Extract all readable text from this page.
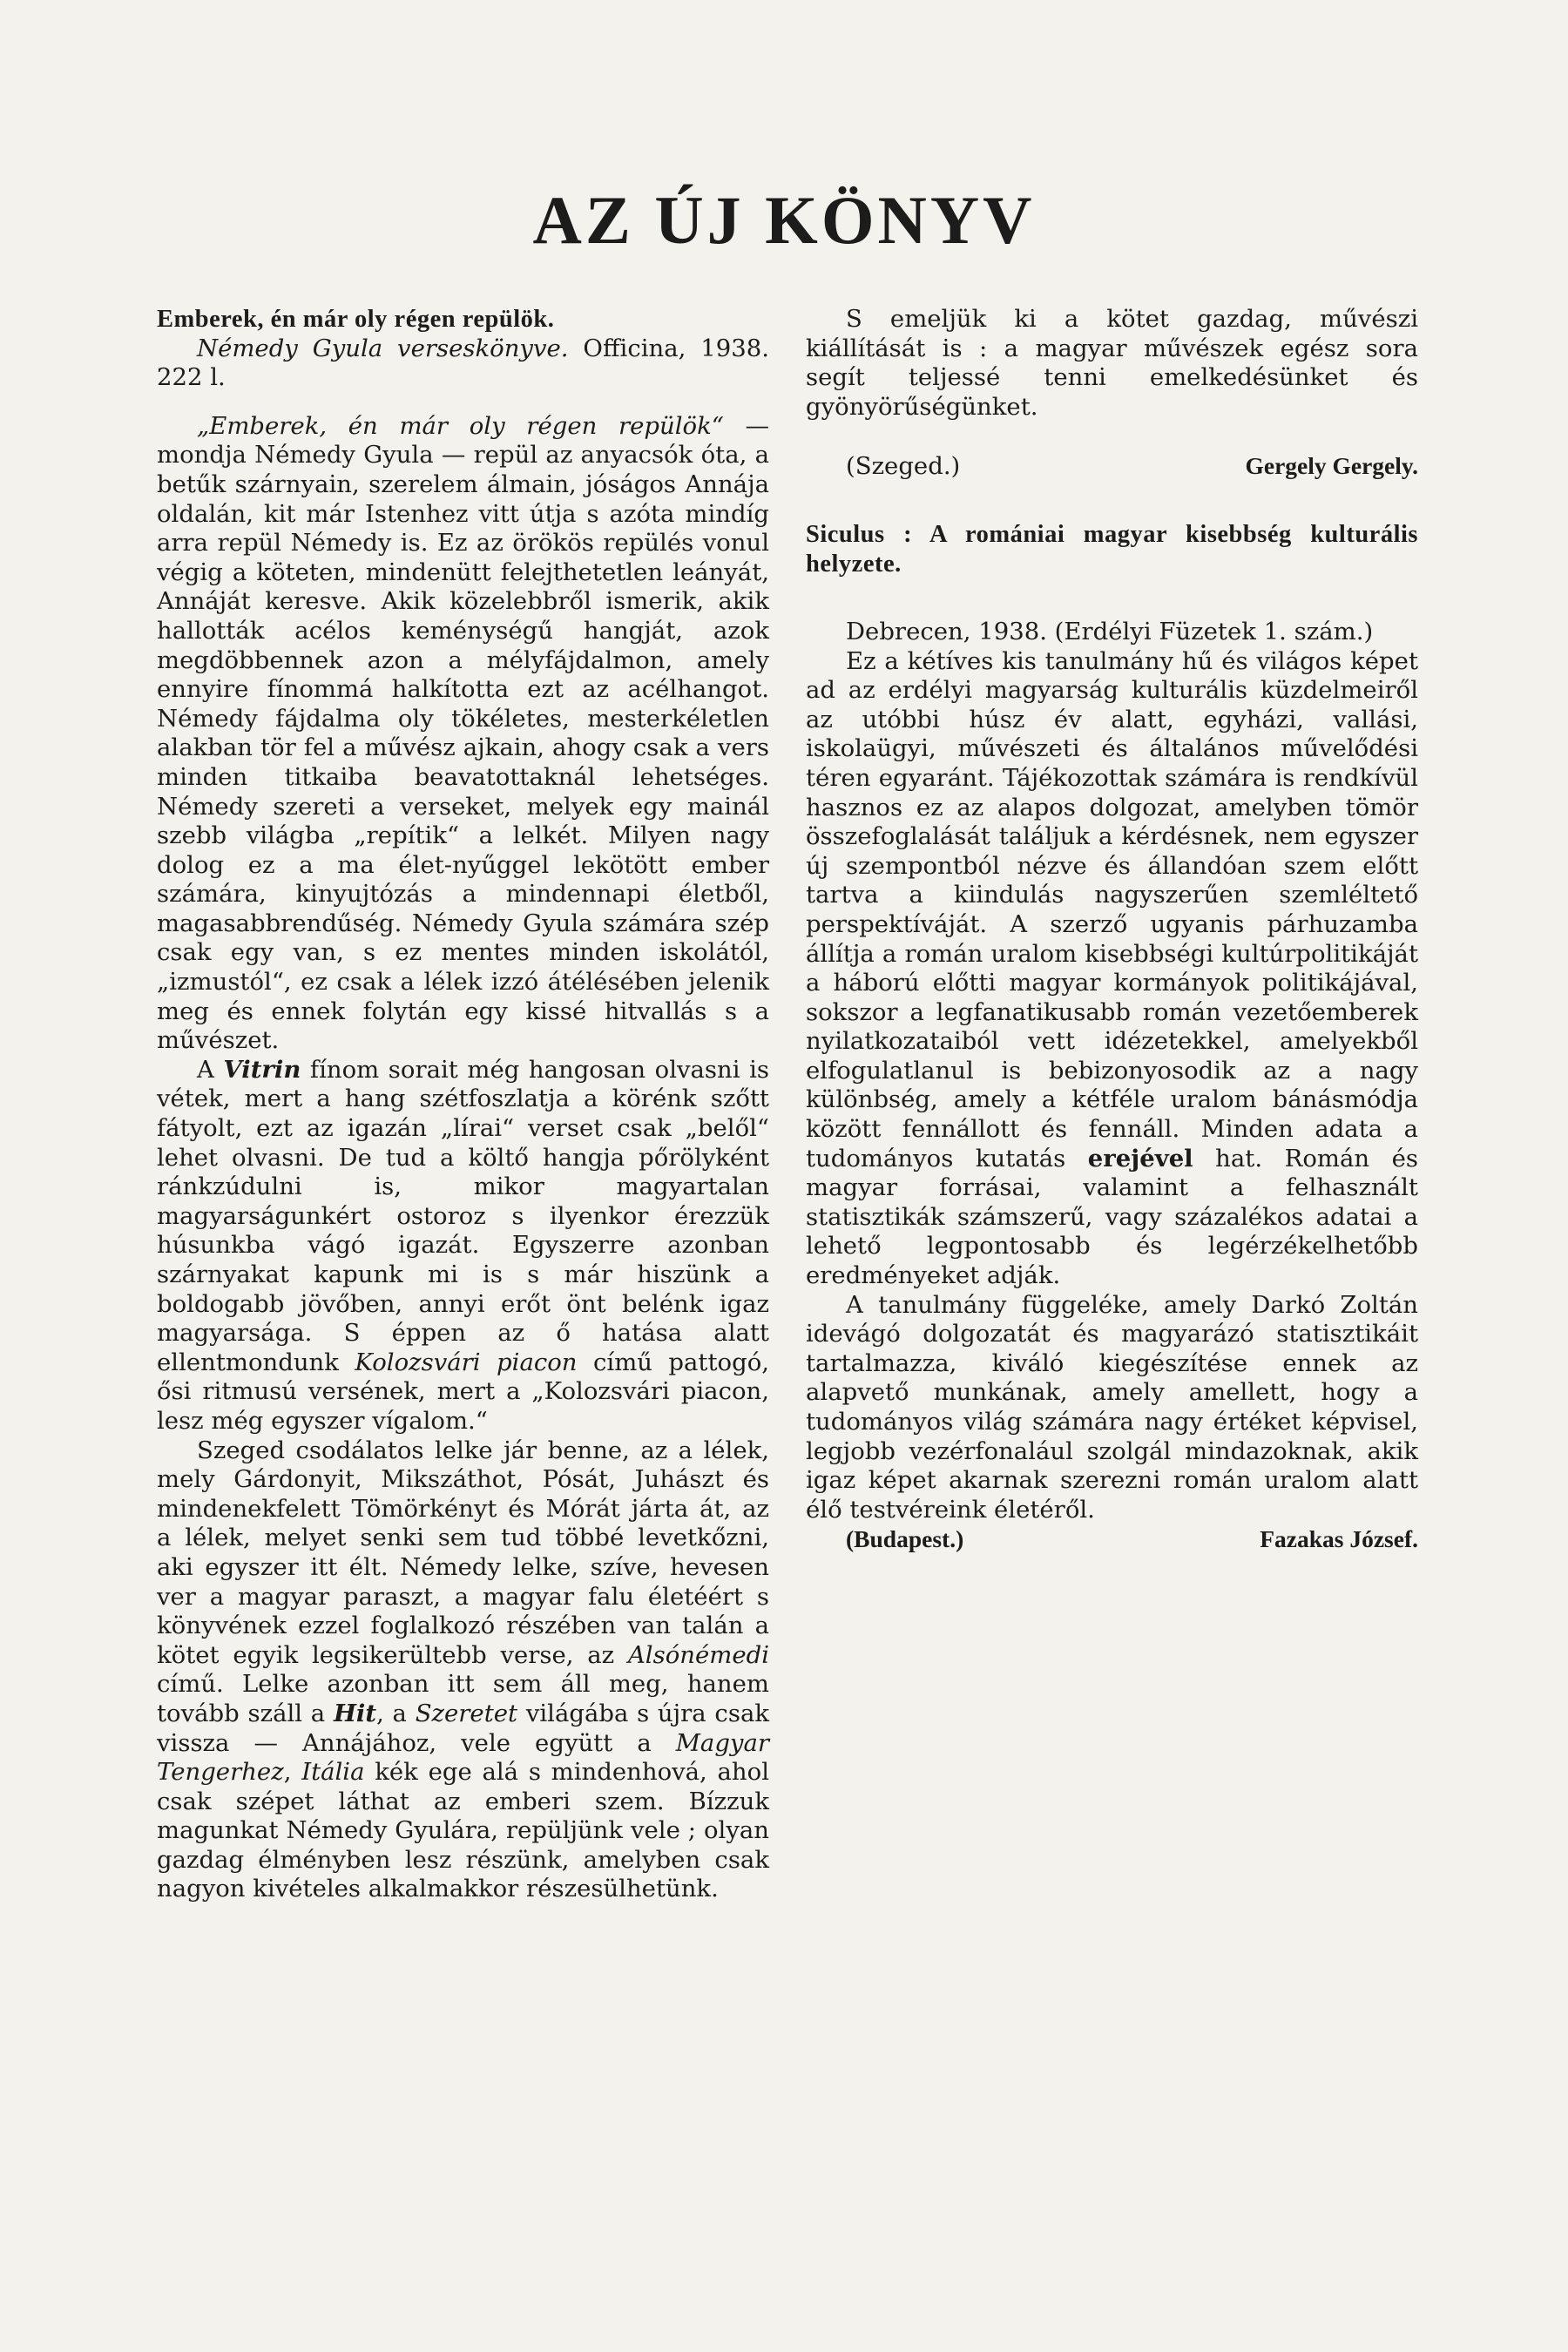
AZ ÚJ KÖNYV

Emberek, én már oly régen repülök.

Némedy Gyula verseskönyve. Officina, 1938. 222 l.

„Emberek, én már oly régen repülök“ — mondja Némedy Gyula — repül az anyacsók óta, a betűk szárnyain, szerelem álmain, jóságos Annája oldalán, kit már Istenhez vitt útja s azóta mindíg arra repül Némedy is. Ez az örökös repülés vonul végig a köteten, mindenütt felejthetetlen leányát, Annáját keresve. Akik közelebbről ismerik, akik hallották acélos keménységű hangját, azok megdöbbennek azon a mélyfájdalmon, amely ennyire fínommá halkította ezt az acélhangot. Némedy fájdalma oly tökéletes, mesterkéletlen alakban tör fel a művész ajkain, ahogy csak a vers minden titkaiba beavatottaknál lehetséges. Némedy szereti a verseket, melyek egy mainál szebb világba „repítik“ a lelkét. Milyen nagy dolog ez a ma élet-nyűggel lekötött ember számára, kinyujtózás a mindennapi életből, magasabbrendűség. Némedy Gyula számára szép csak egy van, s ez mentes minden iskolától, „izmustól“, ez csak a lélek izzó átélésében jelenik meg és ennek folytán egy kissé hitvallás s a művészet.

A Vitrin fínom sorait még hangosan olvasni is vétek, mert a hang szétfoszlatja a körénk szőtt fátyolt, ezt az igazán „lírai“ verset csak „belől“ lehet olvasni. De tud a költő hangja pőrölyként ránkzúdulni is, mikor magyartalan magyarságunkért ostoroz s ilyenkor érezzük húsunkba vágó igazát. Egyszerre azonban szárnyakat kapunk mi is s már hiszünk a boldogabb jövőben, annyi erőt önt belénk igaz magyarsága. S éppen az ő hatása alatt ellentmondunk Kolozsvári piacon című pattogó, ősi ritmusú versének, mert a „Kolozsvári piacon, lesz még egyszer vígalom.“

Szeged csodálatos lelke jár benne, az a lélek, mely Gárdonyit, Mikszáthot, Pósát, Juhászt és mindenekfelett Tömörkényt és Mórát járta át, az a lélek, melyet senki sem tud többé levetkőzni, aki egyszer itt élt. Némedy lelke, szíve, hevesen ver a magyar paraszt, a magyar falu életéért s könyvének ezzel foglalkozó részében van talán a kötet egyik legsikerültebb verse, az Alsónémedi című. Lelke azonban itt sem áll meg, hanem tovább száll a Hit, a Szeretet világába s újra csak vissza — Annájához, vele együtt a Magyar Tengerhez, Itália kék ege alá s mindenhová, ahol csak szépet láthat az emberi szem. Bízzuk magunkat Némedy Gyulára, repüljünk vele ; olyan gazdag élményben lesz részünk, amelyben csak nagyon kivételes alkalmakkor részesülhetünk.

S emeljük ki a kötet gazdag, művészi kiállítását is : a magyar művészek egész sora segít teljessé tenni emelkedésünket és gyönyörűségünket.

(Szeged.)	Gergely Gergely.

Siculus : A romániai magyar kisebbség kulturális helyzete.

Debrecen, 1938. (Erdélyi Füzetek 1. szám.)

Ez a kétíves kis tanulmány hű és világos képet ad az erdélyi magyarság kulturális küzdelmeiről az utóbbi húsz év alatt, egyházi, vallási, iskolaügyi, művészeti és általános művelődési téren egyaránt. Tájékozottak számára is rendkívül hasznos ez az alapos dolgozat, amelyben tömör összefoglalását találjuk a kérdésnek, nem egyszer új szempontból nézve és állandóan szem előtt tartva a kiindulás nagyszerűen szemléltető perspektíváját. A szerző ugyanis párhuzamba állítja a román uralom kisebbségi kultúrpolitikáját a háború előtti magyar kormányok politikájával, sokszor a legfanatikusabb román vezetőemberek nyilatkozataiból vett idézetekkel, amelyekből elfogulatlanul is bebizonyosodik az a nagy különbség, amely a kétféle uralom bánásmódja között fennállott és fennáll. Minden adata a tudományos kutatás erejével hat. Román és magyar forrásai, valamint a felhasznált statisztikák számszerű, vagy százalékos adatai a lehető legpontosabb és legérzékelhetőbb eredményeket adják.

A tanulmány függeléke, amely Darkó Zoltán idevágó dolgozatát és magyarázó statisztikáit tartalmazza, kiváló kiegészítése ennek az alapvető munkának, amely amellett, hogy a tudományos világ számára nagy értéket képvisel, legjobb vezérfonalául szolgál mindazoknak, akik igaz képet akarnak szerezni román uralom alatt élő testvéreink életéről.

(Budapest.)	Fazakas József.
